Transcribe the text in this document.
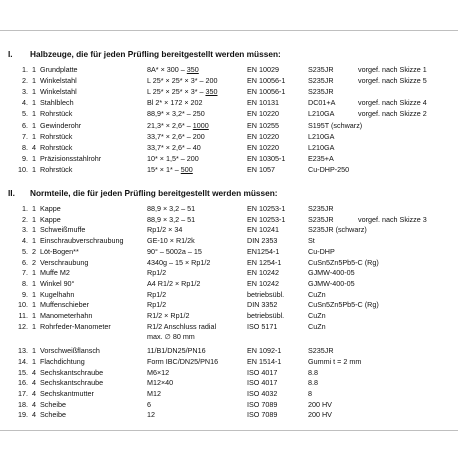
I. Halbzeuge, die für jeden Prüfling bereitgestellt werden müssen:
1. 1 Grundplatte	8A* × 300 – 350	EN 10029	S235JR	vorgef. nach Skizze 1
2. 1 Winkelstahl	L 25* × 25* × 3* – 200	EN 10056-1	S235JR	vorgef. nach Skizze 5
3. 1 Winkelstahl	L 25* × 25* × 3* – 350	EN 10056-1	S235JR
4. 1 Stahlblech	Bl 2* × 172 × 202	EN 10131	DC01+A	vorgef. nach Skizze 4
5. 1 Rohrstück	88,9* × 3,2* – 250	EN 10220	L210GA	vorgef. nach Skizze 2
6. 1 Gewinderohr	21,3* × 2,6* – 1000	EN 10255	S195T (schwarz)
7. 1 Rohrstück	33,7* × 2,6* – 200	EN 10220	L210GA
8. 4 Rohrstück	33,7* × 2,6* – 40	EN 10220	L210GA
9. 1 Präzisionsstahlrohr	10* × 1,5* – 200	EN 10305-1	E235+A
10. 1 Rohrstück	15* × 1* – 500	EN 1057	Cu-DHP-250
II. Normteile, die für jeden Prüfling bereitgestellt werden müssen:
1. 1 Kappe	88,9 × 3,2 – 51	EN 10253-1	S235JR
2. 1 Kappe	88,9 × 3,2 – 51	EN 10253-1	S235JR	vorgef. nach Skizze 3
3. 1 Schweißmuffe	Rp1/2 × 34	EN 10241	S235JR (schwarz)
4. 1 Einschraubverschraubung	GE-10 × R1/2k	DIN 2353	St
5. 2 Löt-Bogen**	90° – 5002a – 15	EN1254-1	Cu-DHP
6. 2 Verschraubung	4340g – 15 × Rp1/2	EN 1254-1	CuSn5Zn5Pb5-C (Rg)
7. 1 Muffe M2	Rp1/2	EN 10242	GJMW-400-05
8. 1 Winkel 90°	A4 R1/2 × Rp1/2	EN 10242	GJMW-400-05
9. 1 Kugelhahn	Rp1/2	betriebsübl.	CuZn
10. 1 Muffenschieber	Rp1/2	DIN 3352	CuSn5Zn5Pb5-C (Rg)
11. 1 Manometerhahn	R1/2 × Rp1/2	betriebsübl.	CuZn
12. 1 Rohrfeder-Manometer	R1/2 Anschluss radial	ISO 5171	CuZn
max. ∅ 80 mm
13. 1 Vorschweißflansch	11/B1/DN25/PN16	EN 1092-1	S235JR
14. 1 Flachdichtung	Form IBC/DN25/PN16	EN 1514-1	Gummi t = 2 mm
15. 4 Sechskantschraube	M6×12	ISO 4017	8.8
16. 4 Sechskantschraube	M12×40	ISO 4017	8.8
17. 4 Sechskantmutter	M12	ISO 4032	8
18. 4 Scheibe	6	ISO 7089	200 HV
19. 4 Scheibe	12	ISO 7089	200 HV
